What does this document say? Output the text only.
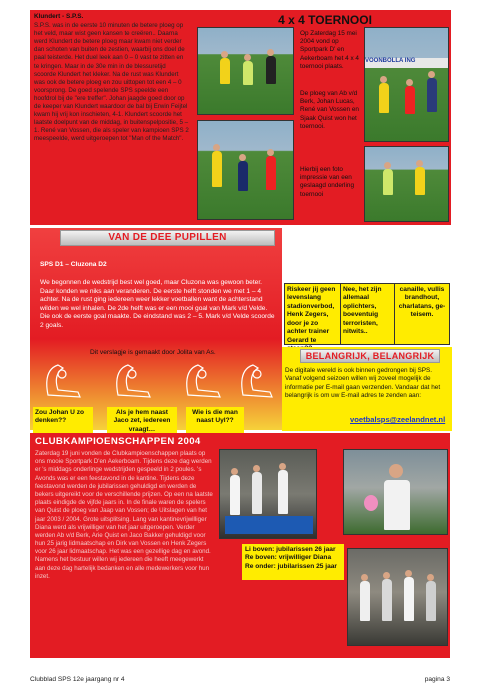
Klundert - S.P.S.
S.P.S. was in de eerste 10 minuten de betere ploeg op het veld, maar wist geen kansen te creëren.. Daarna werd Klundert de betere ploeg maar kwam niet verder dan schoten van buiten de zestien, waarbij ons doel de paal teisterde. Het duel leek aan 0 – 0 vast te zitten en te kringen. Maar in de 30e min in de blessuretijd scoorde Klundert het kleker. Na de rust was Klundert was ook de betere ploeg en zou uittopen tot een 4 – 0 voorsprong. De goed spelende SPS speelde een hoofdrol bij de "ere treffer". Johan jaagde goed door op de keeper van Klundert waardoor de bal bij Erwin Feijtel kwam hij vrij kon inschieten, 4-1. Klundert scoorde het laatste doelpunt van de middag, in buitenspelpositie, 5 – 1. René van Vossen, die als speler van kampioen SPS 2 meespeelde, werd uitgeroepen tot "Man of the Match".
4 x 4 TOERNOOI
VOONBOLLA ING
Op Zaterdag 15 mei 2004 vond op Sportpark D' en Aekerboam het 4 x 4 toernooi plaats.
De ploeg van Ab v/d Berk, Johan Lucas, René van Vossen en Sjaak Quist won het toernooi.
Hierbij een foto impressie van een geslaagd onderling toernooi
VAN DE DEE PUPILLEN
SPS D1 – Cluzona D2
We begonnen de wedstrijd best wel goed, maar Cluzona was gewoon beter. Daar konden we niks aan veranderen. De eerste helft stonden we met 1 – 4 achter. Na de rust ging iedereen weer lekker voetballen want de achterstand wilden we wel inhalen. De 2de helft was er een mooi goal van Mark v/d Velde. Die ook de eerste goal maakte. De eindstand was 2 – 5. Mark v/d Velde scoorde 2 goals.
Dit verslagje is gemaakt door Jolita van As.
Zou Johan U zo denken??
Als je hem naast Jaco zet, iedereen vraagt…
Wie is die man naast Uyl??
Riskeer jij geen levenslang stadionverbod, Henk Zegers, door je zo achter trainer Gerard te
Nee, het zijn allemaal oplichters, boeventuig terroristen, nitwits..
canaille, vullis brandhout, charlatans, ge-teisem.
BELANGRIJK, BELANGRIJK
De digitale wereld is ook binnen gedrongen bij SPS. Vanaf volgend seizoen willen wij zoveel mogelijk de informatie per E-mail gaan verzenden. Vandaar dat het belangrijk is om uw E-mail adres te zenden aan:
voetbalsps@zeelandnet.nl
CLUBKAMPIOENSCHAPPEN 2004
Zaterdag 19 juni vonden de Clubkampioenschappen plaats op ons mooie Sportpark D'en Aekerboam. Tijdens deze dag werden er 's middags onderlinge wedstrijden gespeeld in 2 poules. 's Avonds was er een feestavond in de kantine. Tijdens deze feestavond werden de jubilarissen gehuldigd en werden de bekers uitgereikt voor de verschillende prijzen. Op een na laatste plaats eindigde de vijfde jaars in. In de finale waren de spelers van Quist de ploeg van Jaap van Vossen; de Uitslagen van het jaar 2003 / 2004. Grote uitsplitsing. Lang van kantinevrijwilliger Diana werd als vrijwilliger van het jaar uitgeroepen. Verder werden Ab v/d Berk, Arie Quist en Jaco Bakker gehuldigd voor hun 25 jarig lidmaatschap en Dirk van Vossen en Henk Zegers voor 26 jaar lidmaatschap. Het was een gezellige dag en avond. Namens het bestuur willen wij iedereen die heeft meegewerkt aan deze dag hartelijk bedanken en alle medewerkers voor hun inzet.
Li boven: jubilarissen 26 jaar
Re boven: vrijwilliger Diana
Re onder: jubilarissen 25 jaar
Clubblad SPS 12e jaargang nr 4	pagina 3
